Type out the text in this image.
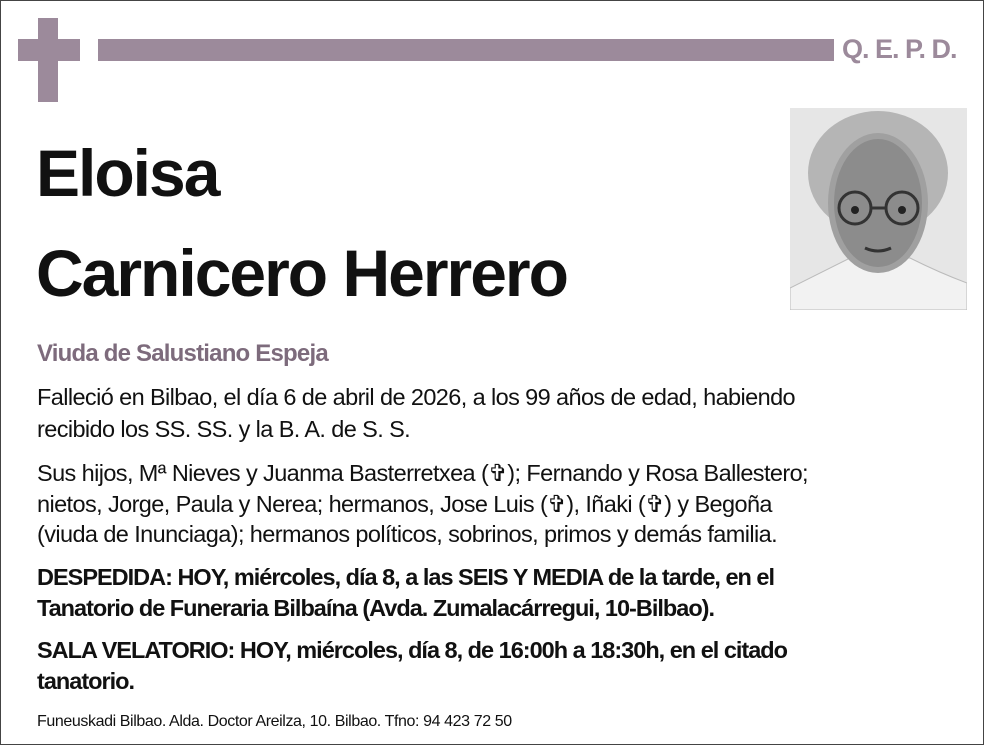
Q. E. P. D.
Eloisa
Carnicero Herrero
Viuda de Salustiano Espeja
Falleció en Bilbao, el día 6 de abril de 2026, a los 99 años de edad, habiendo
recibido los SS. SS. y la B. A. de S. S.
Sus hijos, Mª Nieves y Juanma Basterretxea (✞); Fernando y Rosa Ballestero;
nietos, Jorge, Paula y Nerea; hermanos, Jose Luis (✞), Iñaki (✞) y Begoña
(viuda de Inunciaga); hermanos políticos, sobrinos, primos y demás familia.
DESPEDIDA: HOY, miércoles, día 8, a las SEIS Y MEDIA de la tarde, en el
Tanatorio de Funeraria Bilbaína (Avda. Zumalacárregui, 10-Bilbao).
SALA VELATORIO: HOY, miércoles, día 8, de 16:00h a 18:30h, en el citado
tanatorio.
Funeuskadi Bilbao. Alda. Doctor Areilza, 10. Bilbao. Tfno: 94 423 72 50
